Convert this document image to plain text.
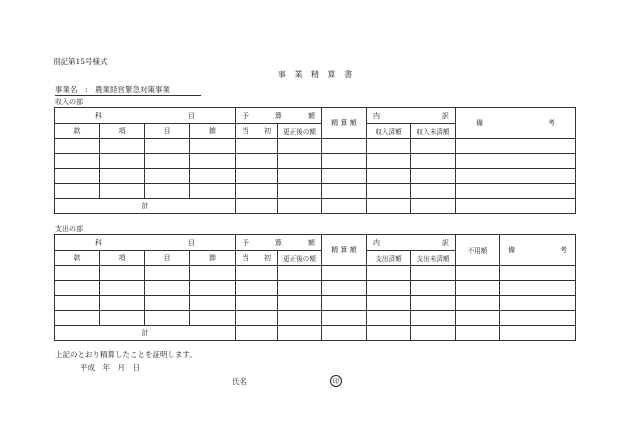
別記第15号様式
事 業 精 算 書
事業名　:　農業経営緊急対策事業
収入の部
科 目				予 算 額		精 算 額	内 訳		備 考

款	項	目	節	当 初	更正後の額		収入済額	収入未済額	

計									
支出の部
科 目				予 算 額		精 算 額	内 訳		不用額	備 考

款	項	目	節	当 初	更正後の額		支出済額	支出未済額		

計										
上記のとおり精算したことを証明します。
平成　年　月　日
氏名	印
